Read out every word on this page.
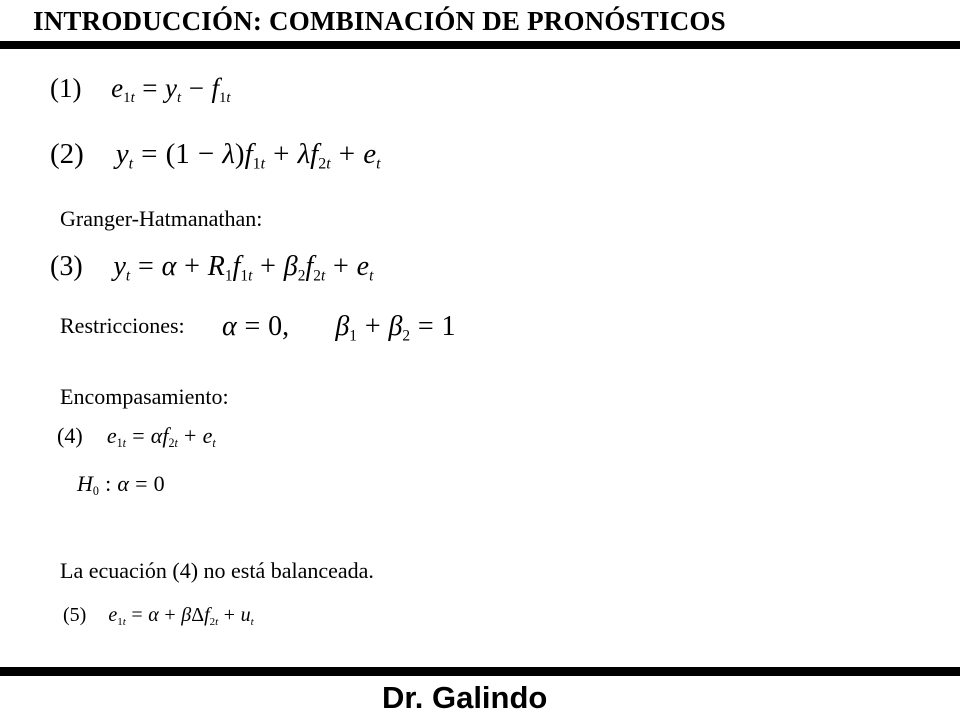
INTRODUCCIÓN: COMBINACIÓN DE PRONÓSTICOS
(1) $e_{1t} = y_t - f_{1t}$
(2) $y_t = (1 - \lambda)f_{1t} + \lambda f_{2t} + e_t$
Granger-Hatmanathan:
(3) $y_t = \alpha + R_1f_{1t} + \beta_2f_{2t} + e_t$
Restricciones: α = 0, $\beta_1 + \beta_2 = 1$
Encompasamiento:
(4) $e_{1t} = \alpha f_{2t} + e_t$
$H_0$ : α = 0
La ecuación (4) no está balanceada.
(5) $e_{1t} = \alpha + \beta\Delta f_{2t} + u_t$
Dr. Galindo
